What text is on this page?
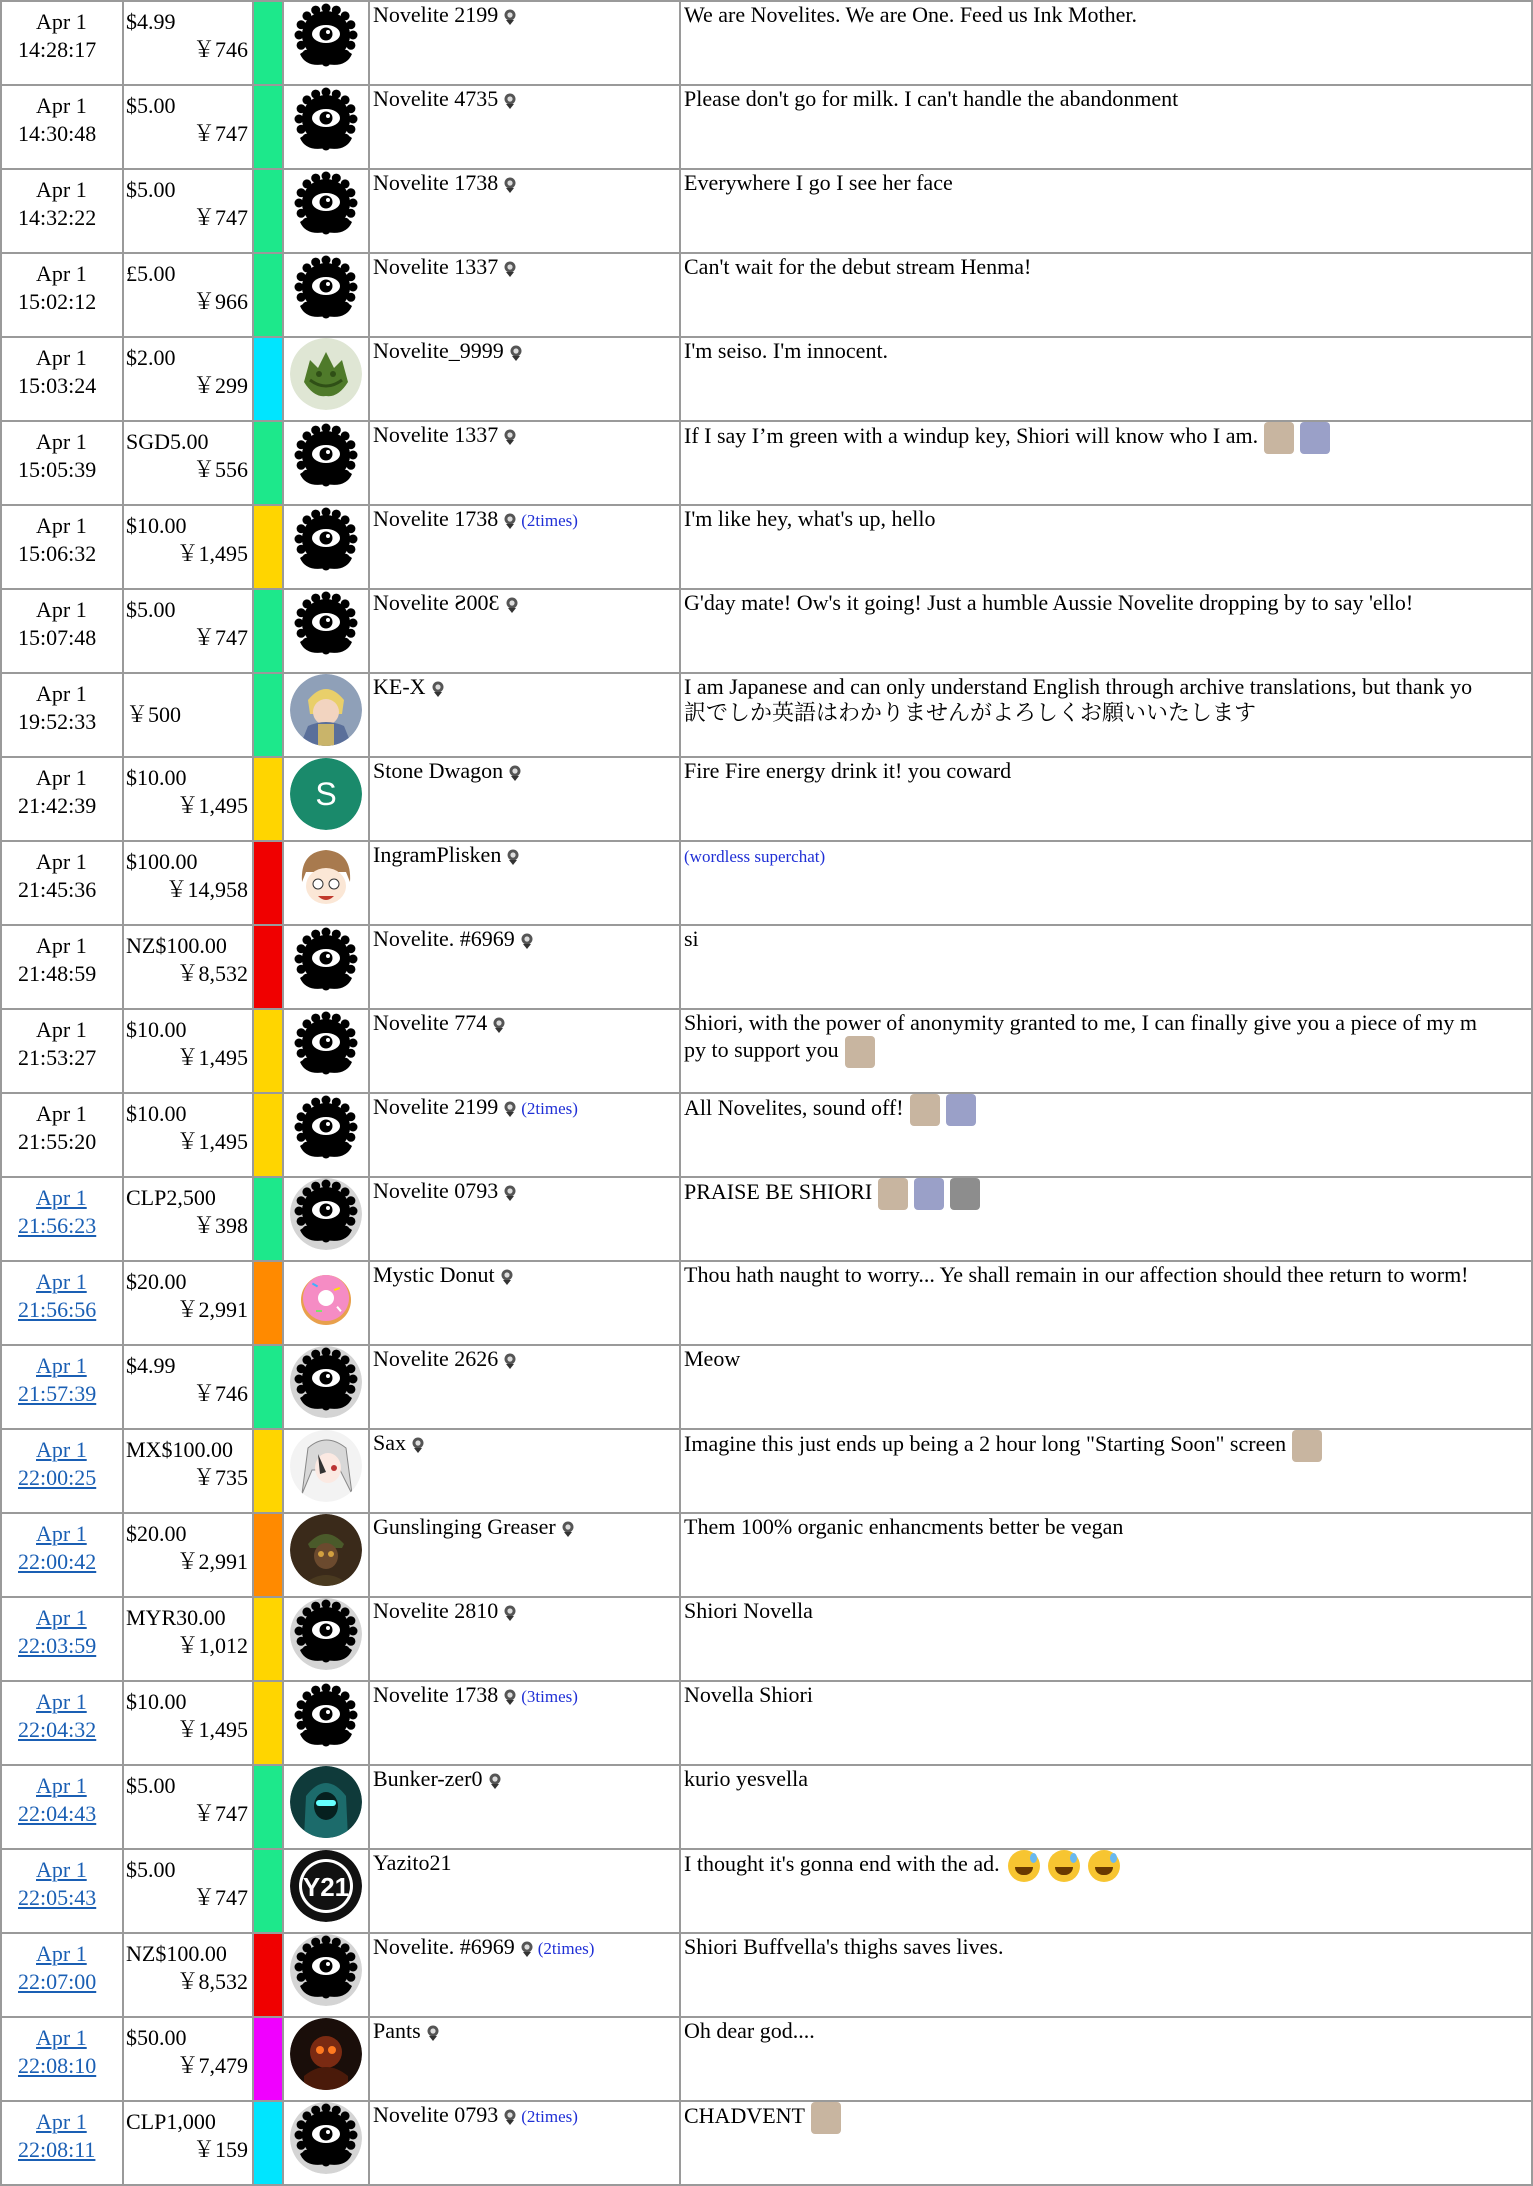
Apr 1
14:28:17	$4.99
￥746			Novelite 2199	We are Novelites. We are One. Feed us Ink Mother.

Apr 1
14:30:48	$5.00
￥747			Novelite 4735	Please don't go for milk. I can't handle the abandonment

Apr 1
14:32:22	$5.00
￥747			Novelite 1738	Everywhere I go I see her face

Apr 1
15:02:12	£5.00
￥966			Novelite 1337	Can't wait for the debut stream Henma!

Apr 1
15:03:24	$2.00
￥299			Novelite_9999	I'm seiso. I'm innocent.

Apr 1
15:05:39	SGD5.00
￥556			Novelite 1337	If I say I’m green with a windup key, Shiori will know who I am.

Apr 1
15:06:32	$10.00
￥1,495			Novelite 1738 (2times)	I'm like hey, what's up, hello

Apr 1
15:07:48	$5.00
￥747			Novelite Ƨ00Ɛ	G'day mate! Ow's it going! Just a humble Aussie Novelite dropping by to say 'ello!

Apr 1
19:52:33	￥500			KE-X	I am Japanese and can only understand English through archive translations, but thank yo
訳でしか英語はわかりませんがよろしくお願いいたします

Apr 1
21:42:39	$10.00
￥1,495		S	Stone Dwagon	Fire Fire energy drink it! you coward

Apr 1
21:45:36	$100.00
￥14,958			IngramPlisken	(wordless superchat)

Apr 1
21:48:59	NZ$100.00
￥8,532			Novelite. #6969	si

Apr 1
21:53:27	$10.00
￥1,495			Novelite 774	Shiori, with the power of anonymity granted to me, I can finally give you a piece of my m
py to support you

Apr 1
21:55:20	$10.00
￥1,495			Novelite 2199 (2times)	All Novelites, sound off!

Apr 1
21:56:23	CLP2,500
￥398			Novelite 0793	PRAISE BE SHIORI

Apr 1
21:56:56	$20.00
￥2,991			Mystic Donut	Thou hath naught to worry... Ye shall remain in our affection should thee return to worm!

Apr 1
21:57:39	$4.99
￥746			Novelite 2626	Meow

Apr 1
22:00:25	MX$100.00
￥735			Sax	Imagine this just ends up being a 2 hour long "Starting Soon" screen

Apr 1
22:00:42	$20.00
￥2,991			Gunslinging Greaser	Them 100% organic enhancments better be vegan

Apr 1
22:03:59	MYR30.00
￥1,012			Novelite 2810	Shiori Novella

Apr 1
22:04:32	$10.00
￥1,495			Novelite 1738 (3times)	Novella Shiori

Apr 1
22:04:43	$5.00
￥747			Bunker-zer0	kurio yesvella

Apr 1
22:05:43	$5.00
￥747		Y21	Yazito21	I thought it's gonna end with the ad.

Apr 1
22:07:00	NZ$100.00
￥8,532			Novelite. #6969 (2times)	Shiori Buffvella's thighs saves lives.

Apr 1
22:08:10	$50.00
￥7,479			Pants	Oh dear god....

Apr 1
22:08:11	CLP1,000
￥159			Novelite 0793 (2times)	CHADVENT
